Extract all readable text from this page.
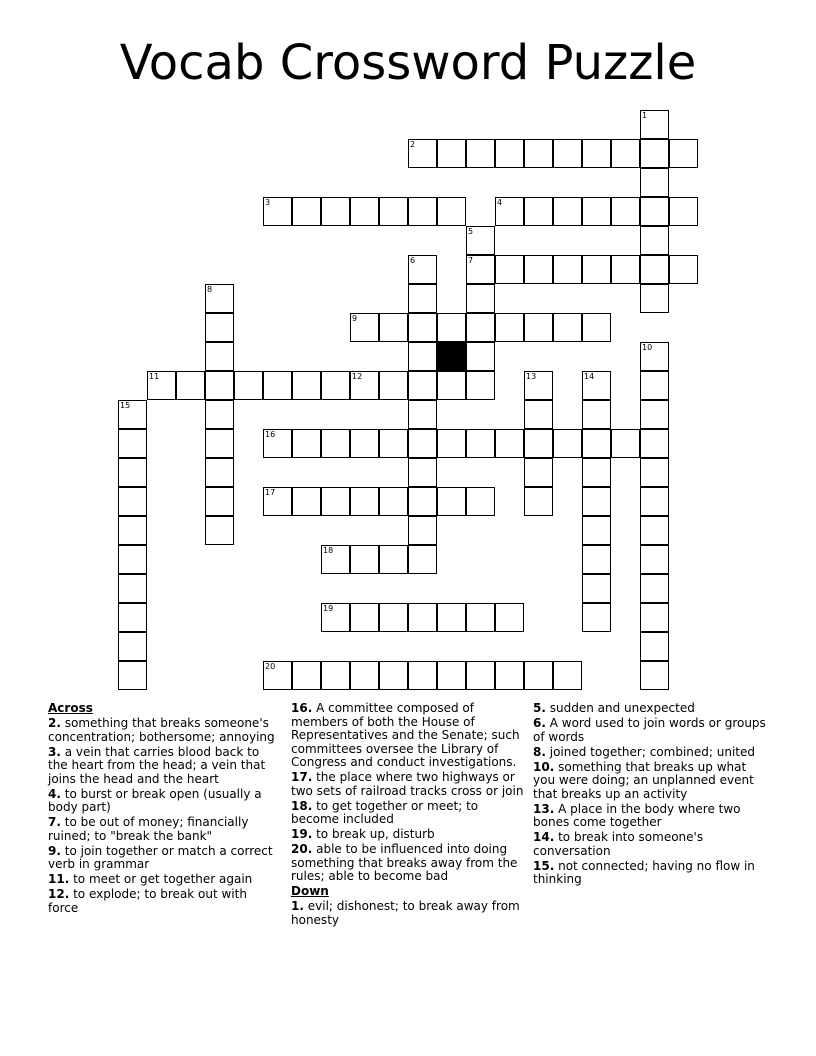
Vocab Crossword Puzzle
1
2
3	4
5
7
6
8
9
10
11	12	13	14
15
16
17
18
19
20
Across
2. something that breaks someone's concentration; bothersome; annoying
3. a vein that carries blood back to the heart from the head; a vein that joins the head and the heart
4. to burst or break open (usually a body part)
7. to be out of money; financially ruined; to "break the bank"
9. to join together or match a correct verb in grammar
11. to meet or get together again
12. to explode; to break out with force
16. A committee composed of members of both the House of Representatives and the Senate; such committees oversee the Library of Congress and conduct investigations.
17. the place where two highways or two sets of railroad tracks cross or join
18. to get together or meet; to become included
19. to break up, disturb
20. able to be influenced into doing something that breaks away from the rules; able to become bad
Down
1. evil; dishonest; to break away from honesty
5. sudden and unexpected
6. A word used to join words or groups of words
8. joined together; combined; united
10. something that breaks up what you were doing; an unplanned event that breaks up an activity
13. A place in the body where two bones come together
14. to break into someone's conversation
15. not connected; having no flow in thinking
